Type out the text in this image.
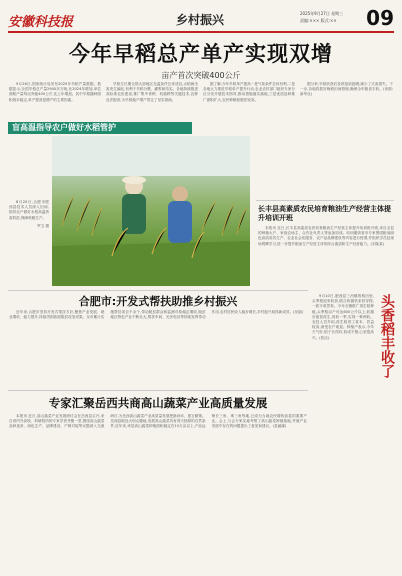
安徽科技报	乡村振兴	2025年9月27日 星期三
责编:××× 版式:××	09
今年早稻总产单产实现双增
亩产首次突破400公斤

9月26日,国家统计局发布2025年早稻产量数据。数据显示,全国早稻总产量2900多万吨,比2024年增加,单位面积产量每亩突破400公斤,比上年增加。其中早稻播种面积基本稳定,单产提高是增产的主要因素。

早稻生长期全国大部地区光温条件总体适宜,水稻病虫害发生偏轻,有利于早稻分蘖、灌浆和结实。各地持续推进高标准农田建设,推广集中育秧、机插秧等关键技术,良种良法配套,为早稻稳产增产奠定了坚实基础。

据了解,今年早稻单产提高一是气象条件总体有利,二是各地大力推进早稻单产提升行动,农业农村部门组织专家分区分类开展技术指导,推动措施落实落地,三是优质品种推广面积扩大,农民种粮积极性较高。

据分析,早稻收获后及时抢收抢晒,减少了灾害损失。下一步,各地将抓好晚稻田间管理,确保全年粮食丰收。(来源:新华社)

盲高温指导农户做好水稻管护

8月20日,合肥市肥西县技术人员深入田间,指导农户做好水稻高温热害防范,保障秋粮生产。

罗卫 摄
长丰县高素质农民培育粮油生产经营主体提升培训开班

本报讯 近日,长丰县高素质农民培育粮油生产经营主体提升培训班开班,来自全县的种粮大户、家庭农场主、合作社负责人等参加培训。培训邀请省市专家围绕粮油绿色高质高效生产、农业社会化服务、农产品品牌建设等内容进行授课,并组织学员赴现场观摩学习,进一步提升粮油生产经营主体的综合素质和生产经营能力。(刘某某)

合肥市:开发式帮扶助推乡村振兴

近年来,合肥市坚持开发式帮扶方针,聚焦产业发展、就业增收、能力提升,持续巩固拓展脱贫攻坚成果。全市累计实施帮扶项目千余个,带动脱贫群众和监测对象稳定增收,脱贫地区特色产业不断壮大,帮扶车间、光伏电站等持续发挥带动作用,农村居民收入稳步增长,乡村振兴取得新成效。(吴丽)	头香稻丰收了

9月10日,肥西县三河镇的稻田里,头季稻迎来收获,联合收割机来回穿梭,一派丰收景象。今年全镇推广再生稻种植,头季稻亩产可达600公斤以上,收割后留茬再生,再收一季,实现一种两收。农技人员介绍,再生稻省工省本、效益较高,深受农户欢迎。种植户表示,今年天气好,稻子长得好,收成不错,心里很高兴。(张洁)

专家汇聚岳西共商高山蔬菜产业高质量发展

本报讯 近日,高山蔬菜产业发展研讨会在岳西县召开,来自省内外高校、科研院所的专家学者齐聚一堂,围绕高山蔬菜品种选育、绿色生产、品牌建设、产销对接等议题深入交流研讨,为岳西高山蔬菜产业高质量发展把脉问诊、建言献策。岳西县地处大别山腹地,发展高山蔬菜具有得天独厚的自然条件,近年来,该县高山蔬菜种植面积稳定在10万亩以上,产品远销长三角、珠三角等地,已成为当地农民增收致富的重要产业。会上,与会专家实地考察了高山蔬菜种植基地,并就产业发展中存在的问题提出了意见和建议。(县融媒)
